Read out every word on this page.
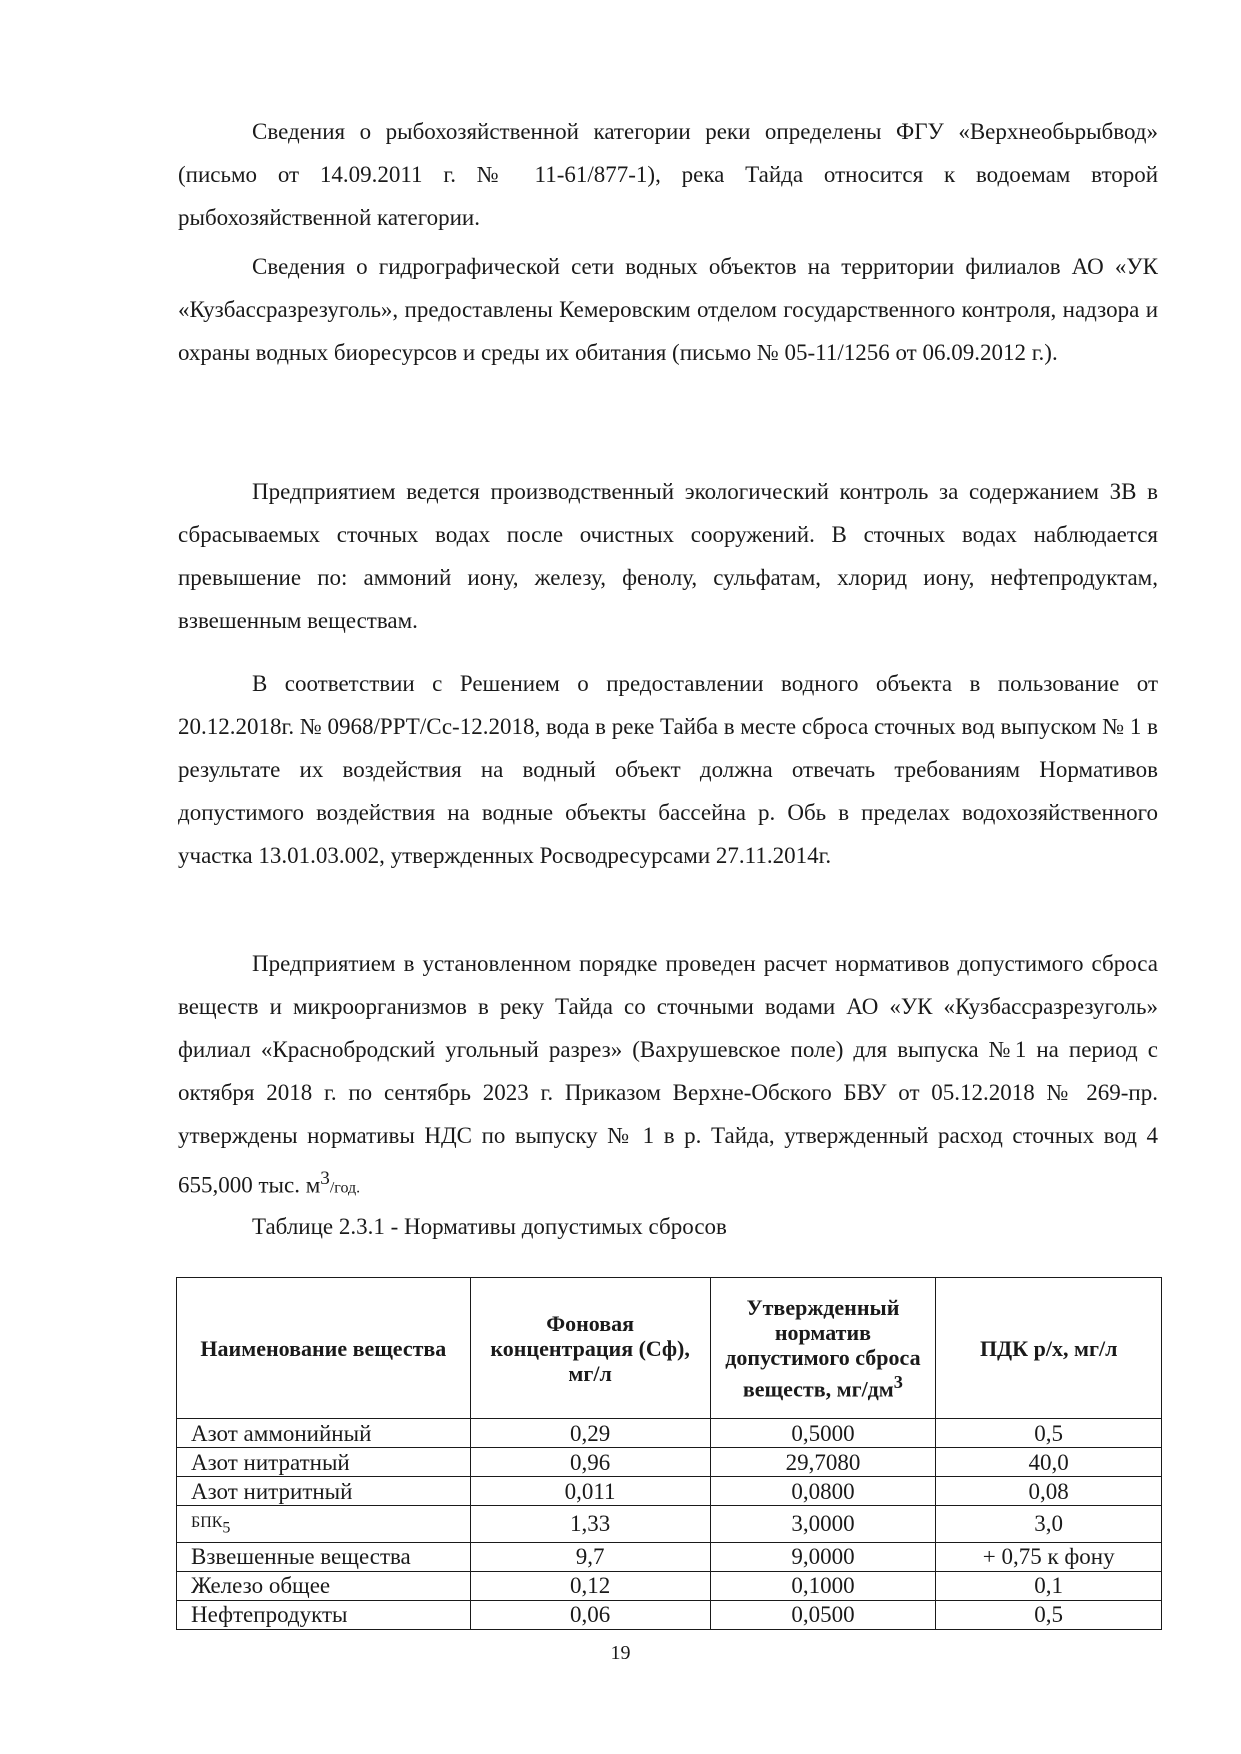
Сведения о рыбохозяйственной категории реки определены ФГУ «Верхнеобьрыбвод» (письмо от 14.09.2011 г. № 11-61/877-1), река Тайда относится к водоемам второй рыбохозяйственной категории.

Сведения о гидрографической сети водных объектов на территории филиалов АО «УК «Кузбассразрезуголь», предоставлены Кемеровским отделом государственного контроля, надзора и охраны водных биоресурсов и среды их обитания (письмо № 05-11/1256 от 06.09.2012 г.).

Предприятием ведется производственный экологический контроль за содержанием ЗВ в сбрасываемых сточных водах после очистных сооружений. В сточных водах наблюдается превышение по: аммоний иону, железу, фенолу, сульфатам, хлорид иону, нефтепродуктам, взвешенным веществам.

В соответствии с Решением о предоставлении водного объекта в пользование от 20.12.2018г. № 0968/РРТ/Сс-12.2018, вода в реке Тайба в месте сброса сточных вод выпуском № 1 в результате их воздействия на водный объект должна отвечать требованиям Нормативов допустимого воздействия на водные объекты бассейна р. Обь в пределах водохозяйственного участка 13.01.03.002, утвержденных Росводресурсами 27.11.2014г.

Предприятием в установленном порядке проведен расчет нормативов допустимого сброса веществ и микроорганизмов в реку Тайда со сточными водами АО «УК «Кузбассразрезуголь» филиал «Краснобродский угольный разрез» (Вахрушевское поле) для выпуска №1 на период с октября 2018 г. по сентябрь 2023 г. Приказом Верхне-Обского БВУ от 05.12.2018 № 269-пр. утверждены нормативы НДС по выпуску № 1 в р. Тайда, утвержденный расход сточных вод 4 655,000 тыс. $м^3$/год.

Таблице 2.3.1 - Нормативы допустимых сбросов

Наименование вещества	Фоновая концентрация (Сф), мг/л	Утвержденный норматив допустимого сброса веществ, $мг/дм^3$	ПДК р/х, мг/л
Азот аммонийный	0,29	0,5000	0,5
Азот нитратный	0,96	29,7080	40,0
Азот нитритный	0,011	0,0800	0,08
$БПК_5$	1,33	3,0000	3,0
Взвешенные вещества	9,7	9,0000	+ 0,75 к фону
Железо общее	0,12	0,1000	0,1
Нефтепродукты	0,06	0,0500	0,5
19
